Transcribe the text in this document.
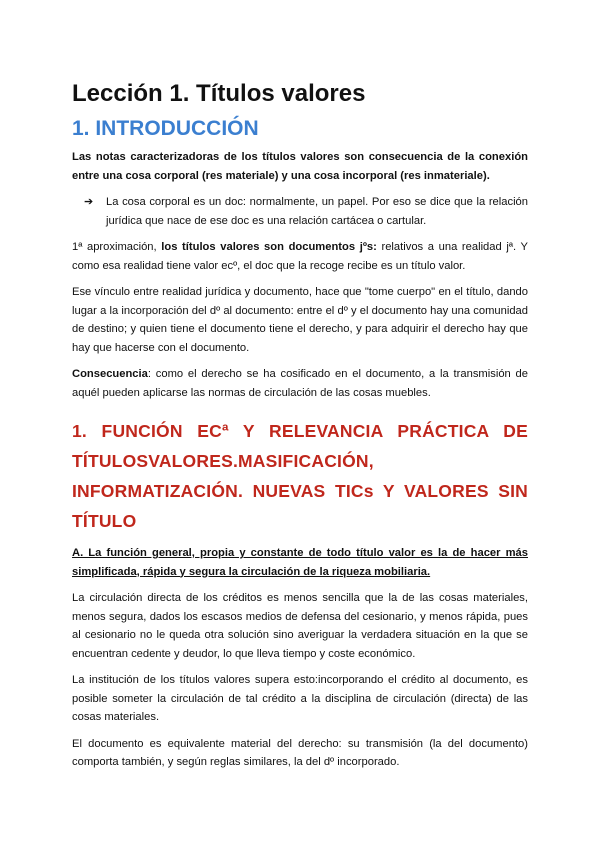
Lección 1. Títulos valores
1. INTRODUCCIÓN

Las notas caracterizadoras de los títulos valores son consecuencia de la conexión entre una cosa corporal (res materiale) y una cosa incorporal (res inmateriale).

➔	La cosa corporal es un doc: normalmente, un papel. Por eso se dice que la relación jurídica que nace de ese doc es una relación cartácea o cartular.

1ª aproximación, los títulos valores son documentos jºs: relativos a una realidad jª. Y como esa realidad tiene valor ecº, el doc que la recoge recibe es un título valor.

Ese vínculo entre realidad jurídica y documento, hace que "tome cuerpo" en el título, dando lugar a la incorporación del dº al documento: entre el dº y el documento hay una comunidad de destino; y quien tiene el documento tiene el derecho, y para adquirir el derecho hay que hay que hacerse con el documento.

Consecuencia: como el derecho se ha cosificado en el documento, a la transmisión de aquél pueden aplicarse las normas de circulación de las cosas muebles.

1. FUNCIÓN ECª Y RELEVANCIA PRÁCTICA DE TÍTULOSVALORES.MASIFICACIÓN, INFORMATIZACIÓN. NUEVAS TICs Y VALORES SIN TÍTULO

A. La función general, propia y constante de todo título valor es la de hacer más simplificada, rápida y segura la circulación de la riqueza mobiliaria.

La circulación directa de los créditos es menos sencilla que la de las cosas materiales, menos segura, dados los escasos medios de defensa del cesionario, y menos rápida, pues al cesionario no le queda otra solución sino averiguar la verdadera situación en la que se encuentran cedente y deudor, lo que lleva tiempo y coste económico.

La institución de los títulos valores supera esto:incorporando el crédito al documento, es posible someter la circulación de tal crédito a la disciplina de circulación (directa) de las cosas materiales.

El documento es equivalente material del derecho: su transmisión (la del documento) comporta también, y según reglas similares, la del dº incorporado.
